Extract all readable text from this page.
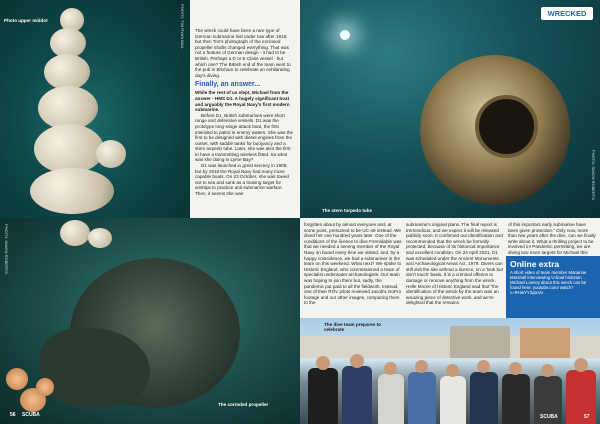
Photo upper middot	PHOTO: TIM RYAN BAIL The wreck could have been a rare type of German submarine lost under tow after 1918, but then Tim's photograph of the enclosed propeller shafts changed everything. That was not a feature of German design - it had to be British. Perhaps a D or E Class vessel - but which one? The British end of the team went to the pub in Brixham to celebrate an exhilarating day's diving.

Finally, an answer...

While the rest of us slept, Michael from the answer - HMS D1. A hugely significant boat and arguably the Royal Navy's first modern submarine.

Before D1, British submarines were short range and defensive vessels. D1 was the prototype long-range attack boat, the first intended to patrol in enemy waters. She was the first to be designed with diesel engines from the outset, with saddle tanks for buoyancy and a stern torpedo tube. Later, she was also the first to have a transmitting wireless fitted. So what was she doing in Lyme Bay?

D1 was launched in great secrecy in 1908, but by 1918 the Royal Navy had many more capable boats. On 23 October, she was towed out to sea and sunk as a training target for airships to practice anti-submarine warfare. Then, it seems she was

WRECKED
The stern torpedo tube
PHOTO: SIMON ROBERTS
PHOTO: SIMON ROBERTS
The corroded propeller
56 SCUBA

forgotten about by almost everyone and, at some point, presumed to be UC-49 instead. We dived her one hundred years later. One of the conditions of the licence to dive Formidable was that we needed a serving member of the Royal Navy on board every time we visited, and, by a happy coincidence, we had a submariner in the team on this weekend. What next? We spoke to Historic England, who commissioned a team of specialist underwater archaeologists. Our team was hoping to join them but, sadly, the pandemic put paid to all the fieldwork. Instead, one of their ROV pilots reviewed Jacob's GoPro footage and our other images, comparing them to the

submarine's original plans. The final report is tremendous, and we expect it will be released publicly soon. It confirmed our identification and recommended that the wreck be formally protected, because of its historical importance and excellent condition. On 24 April 2021, D1 was scheduled under the Ancient Monuments and Archaeological Areas Act, 1979. Divers can still visit the site without a licence, on a 'look but don't touch' basis. It is a criminal offence to damage or remove anything from the wreck. Helle Moore of Historic England said that "the identification of the wreck by the team was an amazing piece of detective work, and we're delighted that the remains

of this important early submarine have been given protection." Only now, more than two years after the dive, can we finally write about it. What a thrilling project to be involved in! Pandemic permitting, we are diving two more targets for Michael this

Online extra

A short video of team member Marianne Marshall interviewing U-boat historian Michael Lowrey about this wreck can be found here: youtube.com/ watch?v=RHwYY3qIxVo

The dive team prepares to celebrate
SCUBA	57
